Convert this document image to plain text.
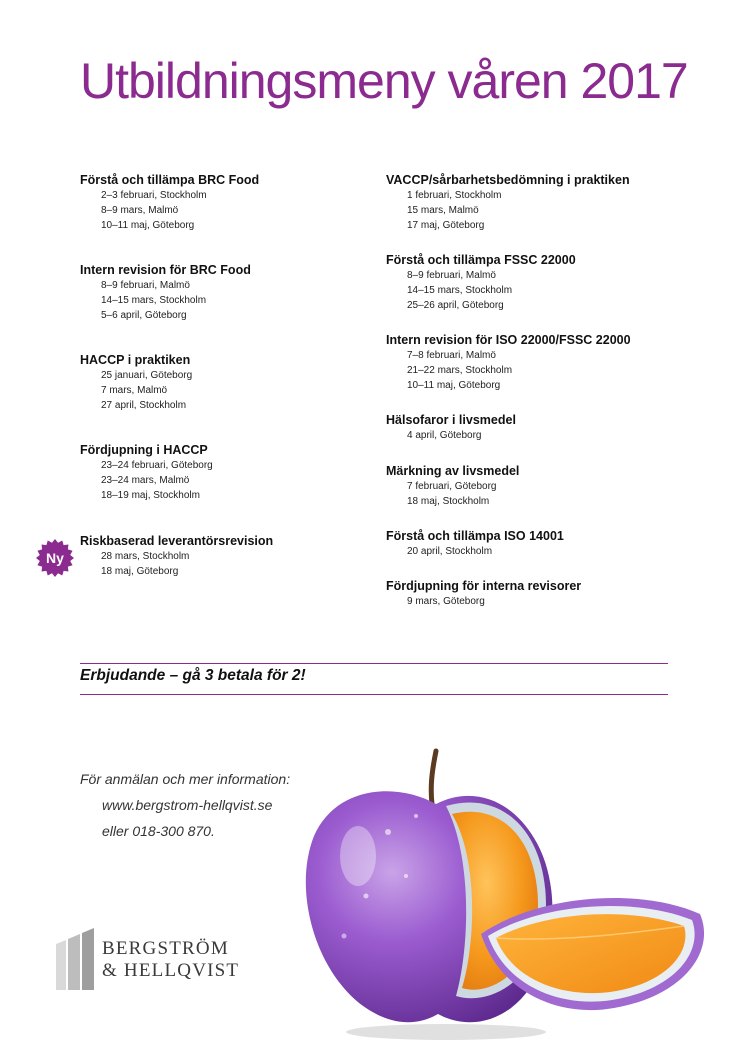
Utbildningsmeny våren 2017
Förstå och tillämpa BRC Food
2–3 februari, Stockholm
8–9 mars, Malmö
10–11 maj, Göteborg
Intern revision för BRC Food
8–9 februari, Malmö
14–15 mars, Stockholm
5–6 april, Göteborg
HACCP i praktiken
25 januari, Göteborg
7 mars, Malmö
27 april, Stockholm
Fördjupning i HACCP
23–24 februari, Göteborg
23–24 mars, Malmö
18–19 maj, Stockholm
Riskbaserad leverantörsrevision
28 mars, Stockholm
18 maj, Göteborg
Ny
VACCP/sårbarhetsbedömning i praktiken
1 februari, Stockholm
15 mars, Malmö
17 maj, Göteborg
Förstå och tillämpa FSSC 22000
8–9 februari, Malmö
14–15 mars, Stockholm
25–26 april, Göteborg
Intern revision för ISO 22000/FSSC 22000
7–8 februari, Malmö
21–22 mars, Stockholm
10–11 maj, Göteborg
Hälsofaror i livsmedel
4 april, Göteborg
Märkning av livsmedel
7 februari, Göteborg
18 maj, Stockholm
Förstå och tillämpa ISO 14001
20 april, Stockholm
Fördjupning för interna revisorer
9 mars, Göteborg
Erbjudande – gå 3 betala för 2!
För anmälan och mer information:
www.bergstrom-hellqvist.se
eller 018-300 870.
BERGSTRÖM
& HELLQVIST
